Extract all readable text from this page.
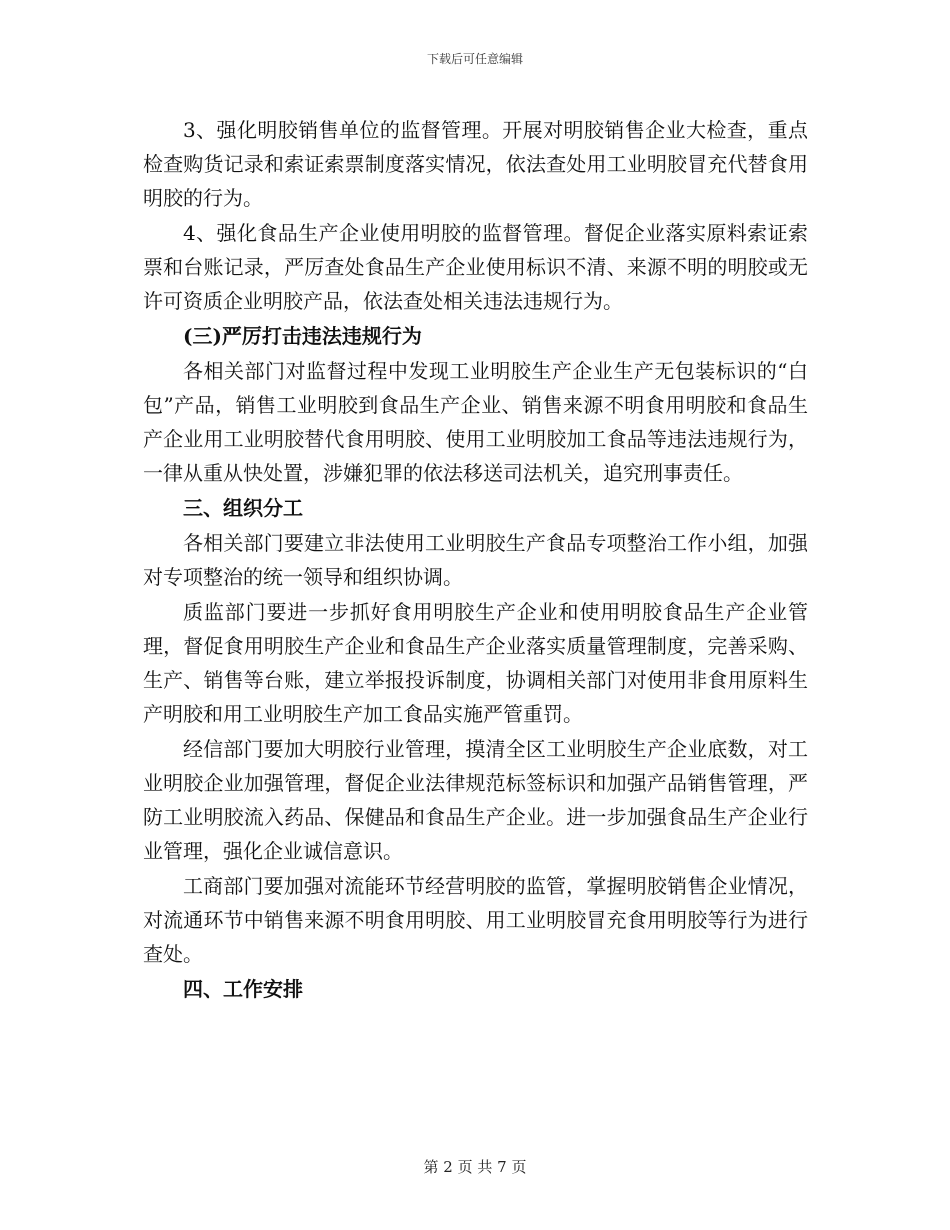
下载后可任意编辑

3、强化明胶销售单位的监督管理。开展对明胶销售企业大检查，重点检查购货记录和索证索票制度落实情况，依法查处用工业明胶冒充代替食用明胶的行为。

4、强化食品生产企业使用明胶的监督管理。督促企业落实原料索证索票和台账记录，严厉查处食品生产企业使用标识不清、来源不明的明胶或无许可资质企业明胶产品，依法查处相关违法违规行为。

(三)严厉打击违法违规行为

各相关部门对监督过程中发现工业明胶生产企业生产无包装标识的“白包”产品，销售工业明胶到食品生产企业、销售来源不明食用明胶和食品生产企业用工业明胶替代食用明胶、使用工业明胶加工食品等违法违规行为，一律从重从快处置，涉嫌犯罪的依法移送司法机关，追究刑事责任。

三、组织分工

各相关部门要建立非法使用工业明胶生产食品专项整治工作小组，加强对专项整治的统一领导和组织协调。

质监部门要进一步抓好食用明胶生产企业和使用明胶食品生产企业管理，督促食用明胶生产企业和食品生产企业落实质量管理制度，完善采购、生产、销售等台账，建立举报投诉制度，协调相关部门对使用非食用原料生产明胶和用工业明胶生产加工食品实施严管重罚。

经信部门要加大明胶行业管理，摸清全区工业明胶生产企业底数，对工业明胶企业加强管理，督促企业法律规范标签标识和加强产品销售管理，严防工业明胶流入药品、保健品和食品生产企业。进一步加强食品生产企业行业管理，强化企业诚信意识。

工商部门要加强对流能环节经营明胶的监管，掌握明胶销售企业情况，对流通环节中销售来源不明食用明胶、用工业明胶冒充食用明胶等行为进行查处。

四、工作安排

第 2 页 共 7 页
